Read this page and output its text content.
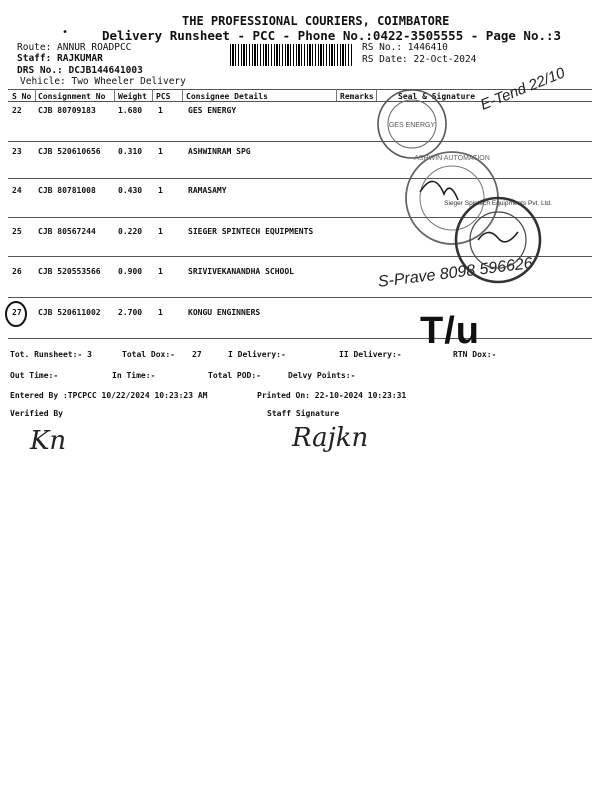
THE PROFESSIONAL COURIERS, COIMBATORE
•	Delivery Runsheet - PCC - Phone No.:0422-3505555 - Page No.:3
Route: ANNUR ROADPCC
Staff: RAJKUMAR
DRS No.: DCJB144641003
Vehicle: Two Wheeler Delivery
RS No.: 1446410
RS Date: 22-Oct-2024
S No Consignment No Weight PCS Consignee Details	Remarks	Seal & Signature
22 CJB 80709183	1.680 1	GES ENERGY
23 CJB 520610656 0.310 1	ASHWINRAM SPG
24 CJB 80781008	0.430 1	RAMASAMY
25 CJB 80567244	0.220 1	SIEGER SPINTECH EQUIPMENTS
26 CJB 520553566 0.900 1	SRIVIVEKANANDHA SCHOOL
27 CJB 520611002 2.700 1	KONGU ENGINNERS
Tot. Runsheet:- 3	Total Dox:- 27	I Delivery:-	II Delivery:-	RTN Dox:-
Out Time:-	In Time:-	Total POD:-	Delvy Points:-
Entered By :TPCPCC 10/22/2024 10:23:23 AM	Printed On: 22-10-2024 10:23:31
Verified By	Staff Signature
S-Prave 8098 596626
T/u
Rajkn
Kn
E-Tend 22/10
GES ENERGY
ASHWIN AUTOMATION
Sieger Spintech Equipments Pvt. Ltd.
